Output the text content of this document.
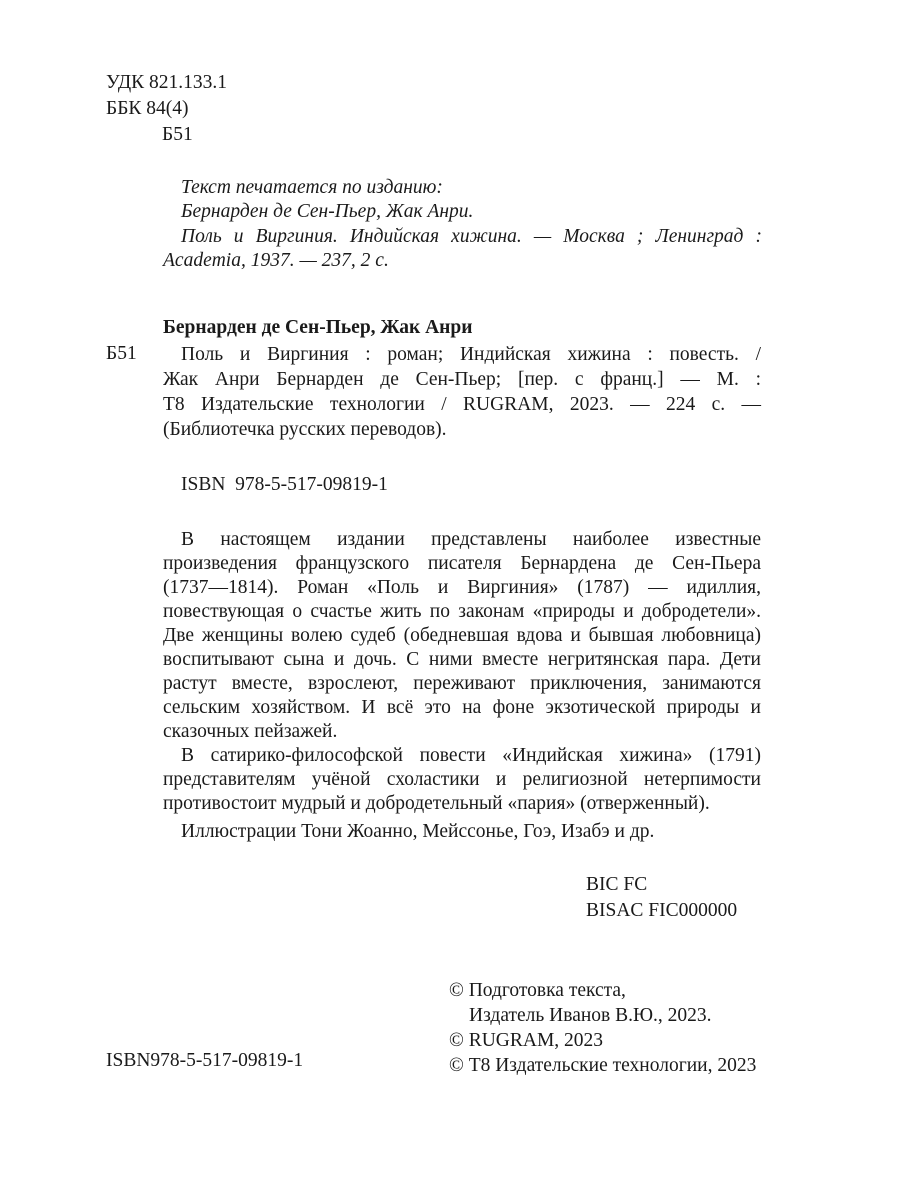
УДК 821.133.1
ББК 84(4)
Б51
Текст печатается по изданию:
Бернарден де Сен-Пьер, Жак Анри.
Поль и Виргиния. Индийская хижина. — Москва ; Ленинград :
Academia, 1937. — 237, 2 с.
Бернарден де Сен-Пьер, Жак Анри
Б51 Поль и Виргиния : роман; Индийская хижина : повесть. /
Жак Анри Бернарден де Сен-Пьер; [пер. с франц.] — М. :
Т8 Издательские технологии / RUGRAM, 2023. — 224 с. —
(Библиотечка русских переводов).
ISBN  978-5-517-09819-1
В настоящем издании представлены наиболее известные
произведения французского писателя Бернардена де Сен-Пьера
(1737—1814). Роман «Поль и Виргиния» (1787) — идиллия,
повествующая о счастье жить по законам «природы и добродетели».
Две женщины волею судеб (обедневшая вдова и бывшая любовница)
воспитывают сына и дочь. С ними вместе негритянская пара. Дети
растут вместе, взрослеют, переживают приключения, занимаются
сельским хозяйством. И всё это на фоне экзотической природы и
сказочных пейзажей.
В сатирико-философской повести «Индийская хижина» (1791)
представителям учёной схоластики и религиозной нетерпимости
противостоит мудрый и добродетельный «пария» (отверженный).
Иллюстрации Тони Жоанно, Мейссонье, Гоэ, Изабэ и др.
BIC FC
BISAC FIC000000
ISBN978-5-517-09819-1
© Подготовка текста,
Издатель Иванов В.Ю., 2023.
© RUGRAM, 2023
© Т8 Издательские технологии, 2023
